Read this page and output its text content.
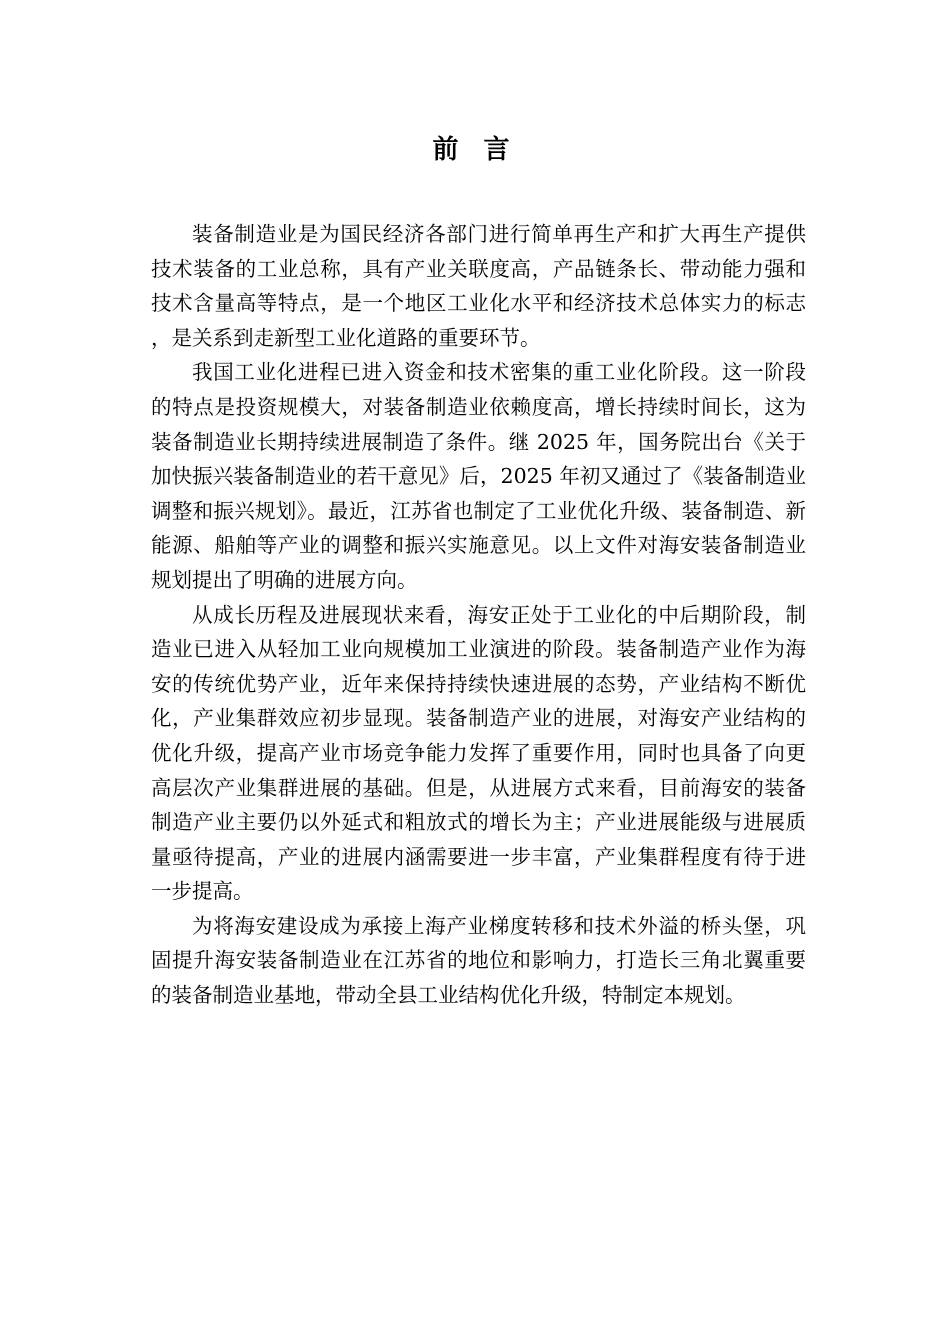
前 言

装备制造业是为国民经济各部门进行简单再生产和扩大再生产提供技术装备的工业总称，具有产业关联度高，产品链条长、带动能力强和技术含量高等特点，是一个地区工业化水平和经济技术总体实力的标志，是关系到走新型工业化道路的重要环节。

我国工业化进程已进入资金和技术密集的重工业化阶段。这一阶段的特点是投资规模大，对装备制造业依赖度高，增长持续时间长，这为装备制造业长期持续进展制造了条件。继 2025 年，国务院出台《关于加快振兴装备制造业的若干意见》后，2025 年初又通过了《装备制造业调整和振兴规划》。最近，江苏省也制定了工业优化升级、装备制造、新能源、船舶等产业的调整和振兴实施意见。以上文件对海安装备制造业规划提出了明确的进展方向。

从成长历程及进展现状来看，海安正处于工业化的中后期阶段，制造业已进入从轻加工业向规模加工业演进的阶段。装备制造产业作为海安的传统优势产业，近年来保持持续快速进展的态势，产业结构不断优化，产业集群效应初步显现。装备制造产业的进展，对海安产业结构的优化升级，提高产业市场竞争能力发挥了重要作用，同时也具备了向更高层次产业集群进展的基础。但是，从进展方式来看，目前海安的装备制造产业主要仍以外延式和粗放式的增长为主；产业进展能级与进展质量亟待提高，产业的进展内涵需要进一步丰富，产业集群程度有待于进一步提高。

为将海安建设成为承接上海产业梯度转移和技术外溢的桥头堡，巩固提升海安装备制造业在江苏省的地位和影响力，打造长三角北翼重要的装备制造业基地，带动全县工业结构优化升级，特制定本规划。
